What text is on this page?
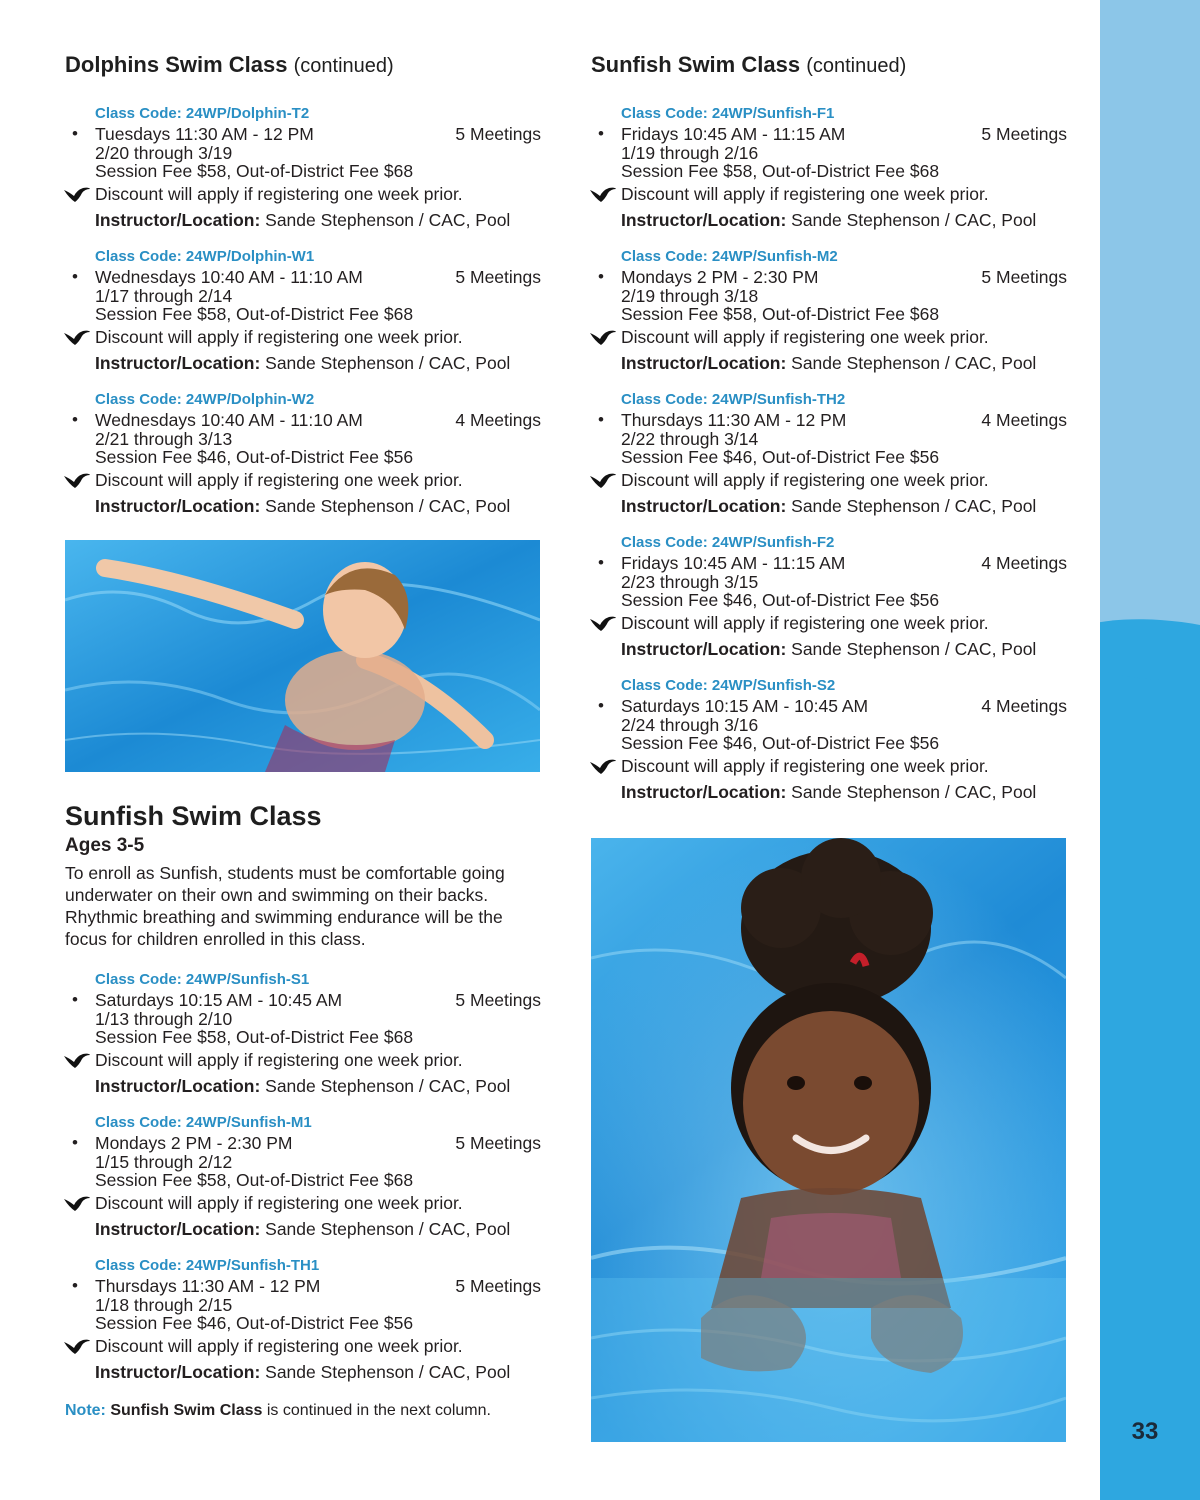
33
Dolphins Swim Class (continued)
Class Code: 24WP/Dolphin-T2
• Tuesdays 11:30 AM - 12 PM	5 Meetings
2/20 through 3/19
Session Fee $58, Out-of-District Fee $68
Discount will apply if registering one week prior.
Instructor/Location: Sande Stephenson / CAC, Pool
Class Code: 24WP/Dolphin-W1
• Wednesdays 10:40 AM - 11:10 AM	5 Meetings
1/17 through 2/14
Session Fee $58, Out-of-District Fee $68
Discount will apply if registering one week prior.
Instructor/Location: Sande Stephenson / CAC, Pool
Class Code: 24WP/Dolphin-W2
• Wednesdays 10:40 AM - 11:10 AM	4 Meetings
2/21 through 3/13
Session Fee $46, Out-of-District Fee $56
Discount will apply if registering one week prior.
Instructor/Location: Sande Stephenson / CAC, Pool
Sunfish Swim Class
Ages 3-5

To enroll as Sunfish, students must be comfortable going underwater on their own and swimming on their backs. Rhythmic breathing and swimming endurance will be the focus for children enrolled in this class.

Class Code: 24WP/Sunfish-S1
• Saturdays 10:15 AM - 10:45 AM	5 Meetings
1/13 through 2/10
Session Fee $58, Out-of-District Fee $68
Discount will apply if registering one week prior.
Instructor/Location: Sande Stephenson / CAC, Pool
Class Code: 24WP/Sunfish-M1
• Mondays 2 PM - 2:30 PM	5 Meetings
1/15 through 2/12
Session Fee $58, Out-of-District Fee $68
Discount will apply if registering one week prior.
Instructor/Location: Sande Stephenson / CAC, Pool
Class Code: 24WP/Sunfish-TH1
• Thursdays 11:30 AM - 12 PM	5 Meetings
1/18 through 2/15
Session Fee $46, Out-of-District Fee $56
Discount will apply if registering one week prior.
Instructor/Location: Sande Stephenson / CAC, Pool

Note: Sunfish Swim Class is continued in the next column.

Sunfish Swim Class (continued)
Class Code: 24WP/Sunfish-F1
• Fridays 10:45 AM - 11:15 AM	5 Meetings
1/19 through 2/16
Session Fee $58, Out-of-District Fee $68
Discount will apply if registering one week prior.
Instructor/Location: Sande Stephenson / CAC, Pool
Class Code: 24WP/Sunfish-M2
• Mondays 2 PM - 2:30 PM	5 Meetings
2/19 through 3/18
Session Fee $58, Out-of-District Fee $68
Discount will apply if registering one week prior.
Instructor/Location: Sande Stephenson / CAC, Pool
Class Code: 24WP/Sunfish-TH2
• Thursdays 11:30 AM - 12 PM	4 Meetings
2/22 through 3/14
Session Fee $46, Out-of-District Fee $56
Discount will apply if registering one week prior.
Instructor/Location: Sande Stephenson / CAC, Pool
Class Code: 24WP/Sunfish-F2
• Fridays 10:45 AM - 11:15 AM	4 Meetings
2/23 through 3/15
Session Fee $46, Out-of-District Fee $56
Discount will apply if registering one week prior.
Instructor/Location: Sande Stephenson / CAC, Pool
Class Code: 24WP/Sunfish-S2
• Saturdays 10:15 AM - 10:45 AM	4 Meetings
2/24 through 3/16
Session Fee $46, Out-of-District Fee $56
Discount will apply if registering one week prior.
Instructor/Location: Sande Stephenson / CAC, Pool
